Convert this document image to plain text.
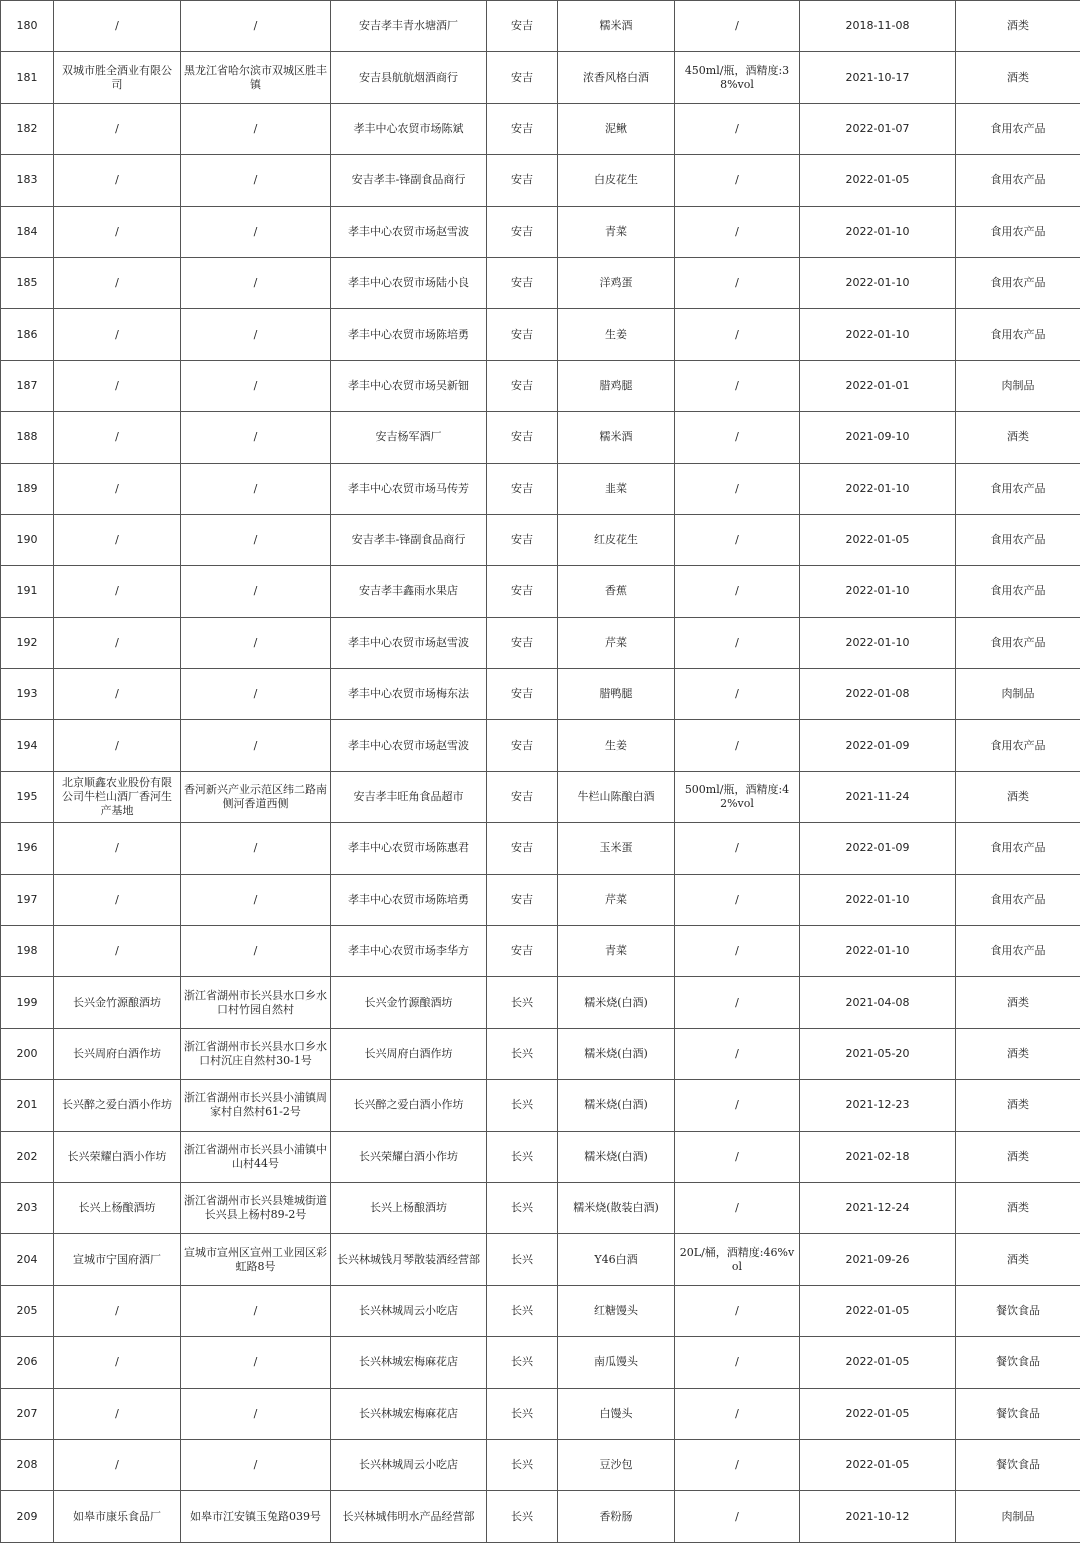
180	/	/	安吉孝丰青水塘酒厂	安吉	糯米酒	/	2018-11-08	酒类
181	双城市胜全酒业有限公司	黑龙江省哈尔滨市双城区胜丰镇	安吉县航航烟酒商行	安吉	浓香风格白酒	450ml/瓶，酒精度:38%vol	2021-10-17	酒类
182	/	/	孝丰中心农贸市场陈斌	安吉	泥鳅	/	2022-01-07	食用农产品
183	/	/	安吉孝丰-锋副食品商行	安吉	白皮花生	/	2022-01-05	食用农产品
184	/	/	孝丰中心农贸市场赵雪波	安吉	青菜	/	2022-01-10	食用农产品
185	/	/	孝丰中心农贸市场陆小良	安吉	洋鸡蛋	/	2022-01-10	食用农产品
186	/	/	孝丰中心农贸市场陈培勇	安吉	生姜	/	2022-01-10	食用农产品
187	/	/	孝丰中心农贸市场吴新钿	安吉	腊鸡腿	/	2022-01-01	肉制品
188	/	/	安吉杨军酒厂	安吉	糯米酒	/	2021-09-10	酒类
189	/	/	孝丰中心农贸市场马传芳	安吉	韭菜	/	2022-01-10	食用农产品
190	/	/	安吉孝丰-锋副食品商行	安吉	红皮花生	/	2022-01-05	食用农产品
191	/	/	安吉孝丰鑫雨水果店	安吉	香蕉	/	2022-01-10	食用农产品
192	/	/	孝丰中心农贸市场赵雪波	安吉	芹菜	/	2022-01-10	食用农产品
193	/	/	孝丰中心农贸市场梅东法	安吉	腊鸭腿	/	2022-01-08	肉制品
194	/	/	孝丰中心农贸市场赵雪波	安吉	生姜	/	2022-01-09	食用农产品
195	北京顺鑫农业股份有限公司牛栏山酒厂香河生产基地	香河新兴产业示范区纬二路南侧河香道西侧	安吉孝丰旺角食品超市	安吉	牛栏山陈酿白酒	500ml/瓶，酒精度:42%vol	2021-11-24	酒类
196	/	/	孝丰中心农贸市场陈惠君	安吉	玉米蛋	/	2022-01-09	食用农产品
197	/	/	孝丰中心农贸市场陈培勇	安吉	芹菜	/	2022-01-10	食用农产品
198	/	/	孝丰中心农贸市场李华方	安吉	青菜	/	2022-01-10	食用农产品
199	长兴金竹源酿酒坊	浙江省湖州市长兴县水口乡水口村竹园自然村	长兴金竹源酿酒坊	长兴	糯米烧(白酒)	/	2021-04-08	酒类
200	长兴周府白酒作坊	浙江省湖州市长兴县水口乡水口村沉庄自然村30-1号	长兴周府白酒作坊	长兴	糯米烧(白酒)	/	2021-05-20	酒类
201	长兴醉之爱白酒小作坊	浙江省湖州市长兴县小浦镇周家村自然村61-2号	长兴醉之爱白酒小作坊	长兴	糯米烧(白酒)	/	2021-12-23	酒类
202	长兴荣耀白酒小作坊	浙江省湖州市长兴县小浦镇中山村44号	长兴荣耀白酒小作坊	长兴	糯米烧(白酒)	/	2021-02-18	酒类
203	长兴上杨酿酒坊	浙江省湖州市长兴县雉城街道长兴县上杨村89-2号	长兴上杨酿酒坊	长兴	糯米烧(散装白酒)	/	2021-12-24	酒类
204	宣城市宁国府酒厂	宣城市宣州区宣州工业园区彩虹路8号	长兴林城钱月琴散装酒经营部	长兴	Y46白酒	20L/桶，酒精度:46%vol	2021-09-26	酒类
205	/	/	长兴林城周云小吃店	长兴	红糖馒头	/	2022-01-05	餐饮食品
206	/	/	长兴林城宏梅麻花店	长兴	南瓜馒头	/	2022-01-05	餐饮食品
207	/	/	长兴林城宏梅麻花店	长兴	白馒头	/	2022-01-05	餐饮食品
208	/	/	长兴林城周云小吃店	长兴	豆沙包	/	2022-01-05	餐饮食品
209	如皋市康乐食品厂	如皋市江安镇玉兔路039号	长兴林城伟明水产品经营部	长兴	香粉肠	/	2021-10-12	肉制品
